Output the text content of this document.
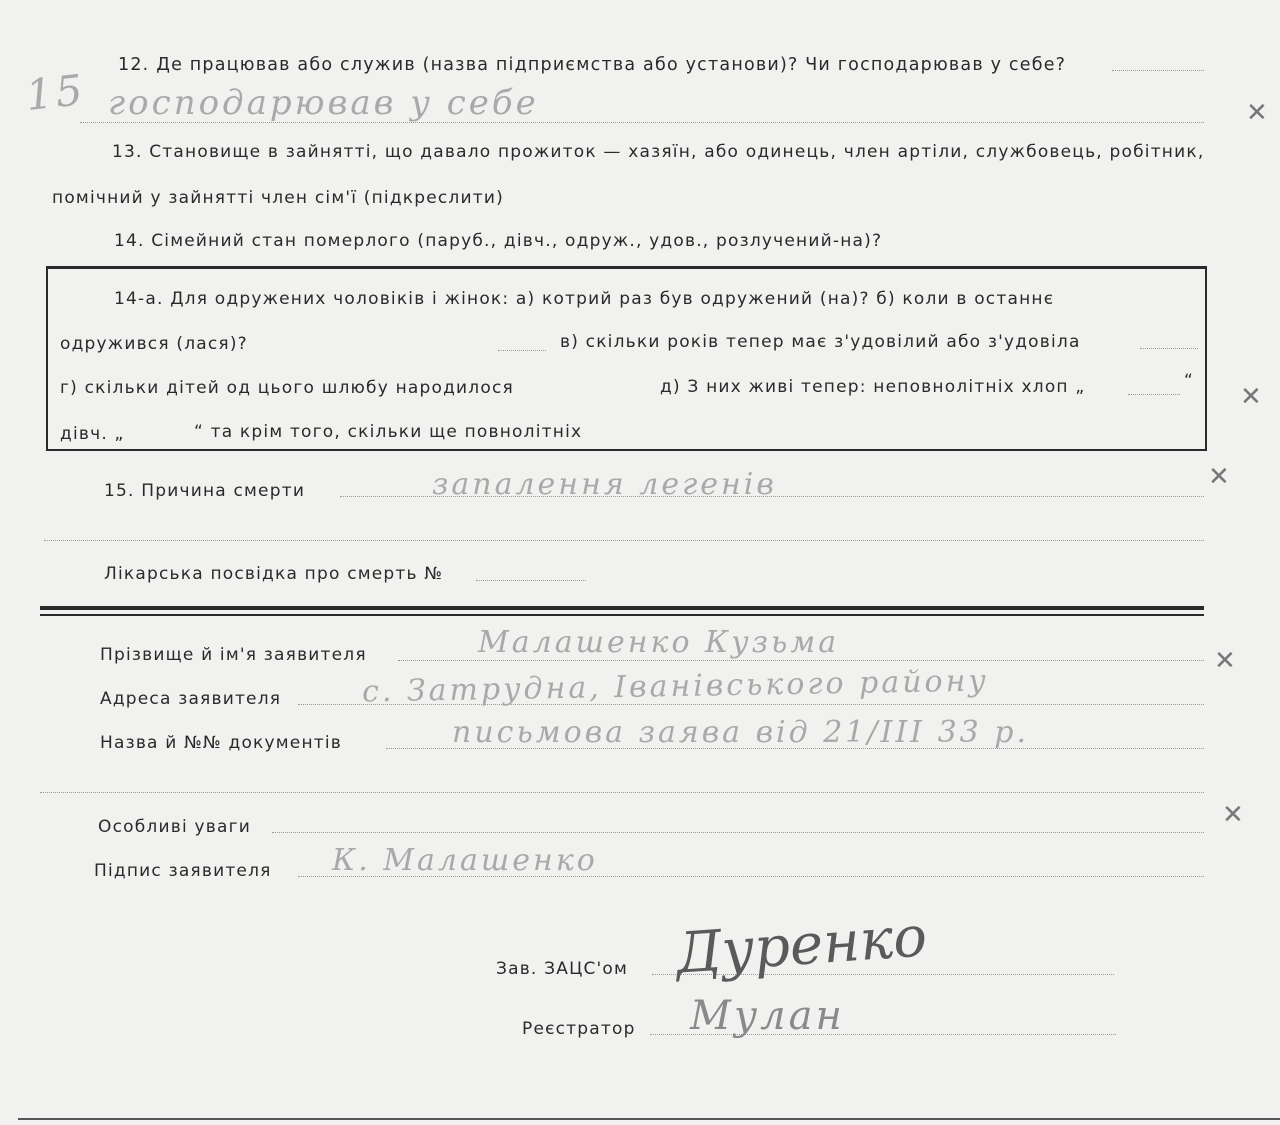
12. Де працював або служив (назва підприємства або установи)? Чи господарював у себе?
15 господарював у себе
13. Становище в зайнятті, що давало прожиток — хазяїн, або одинець, член артіли, службовець, робітник,
помічний у зайнятті член сім'ї (підкреслити)
14. Сімейний стан померлого (паруб., дівч., одруж., удов., розлучений-на)?
14-а. Для одружених чоловіків і жінок: а) котрий раз був одружений (на)? б) коли в останнє
одружився (лася)?	в) скільки років тепер має з'удовілий або з'удовіла
г) скільки дітей од цього шлюбу народилося	д) З них живі тепер: неповнолітніх хлоп „	“
дівч. „	“ та крім того, скільки ще повнолітніх
15. Причина смерти	запалення легенів
Лікарська посвідка про смерть №
Прізвище й ім'я заявителя	Малашенко Кузьма
Адреса заявителя	с. Затрудна, Іванівського району
Назва й №№ документів	письмова заява від 21/III 33 р.
Особливі уваги
Підпис заявителя К. Малашенко
Зав. ЗАЦС'ом Дуренко
Реєстратор Мулан
✕
✕
✕
✕
✕
